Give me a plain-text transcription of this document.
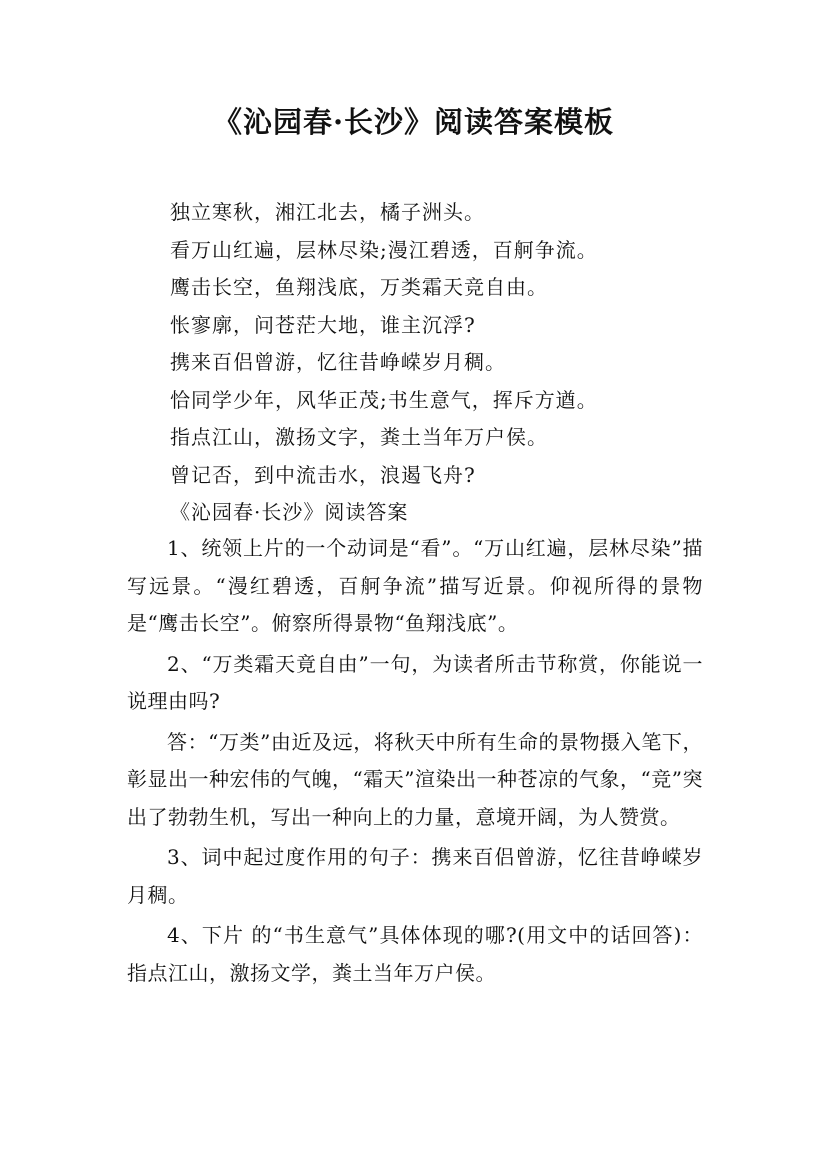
《沁园春·长沙》阅读答案模板
独立寒秋，湘江北去，橘子洲头。
看万山红遍，层林尽染;漫江碧透，百舸争流。
鹰击长空，鱼翔浅底，万类霜天竞自由。
怅寥廓，问苍茫大地，谁主沉浮?
携来百侣曾游，忆往昔峥嵘岁月稠。
恰同学少年，风华正茂;书生意气，挥斥方遒。
指点江山，激扬文字，粪土当年万户侯。
曾记否，到中流击水，浪遏飞舟?
《沁园春·长沙》阅读答案

1、统领上片的一个动词是“看”。“万山红遍，层林尽染”描写远景。“漫红碧透，百舸争流”描写近景。仰视所得的景物是“鹰击长空”。俯察所得景物“鱼翔浅底”。

2、“万类霜天竟自由”一句，为读者所击节称赏，你能说一说理由吗?

答：“万类”由近及远，将秋天中所有生命的景物摄入笔下，彰显出一种宏伟的气魄，“霜天”渲染出一种苍凉的气象，“竞”突出了勃勃生机，写出一种向上的力量，意境开阔，为人赞赏。

3、词中起过度作用的句子：携来百侣曾游，忆往昔峥嵘岁月稠。

4、下片 的“书生意气”具体体现的哪?(用文中的话回答)：指点江山，激扬文学，粪土当年万户侯。
